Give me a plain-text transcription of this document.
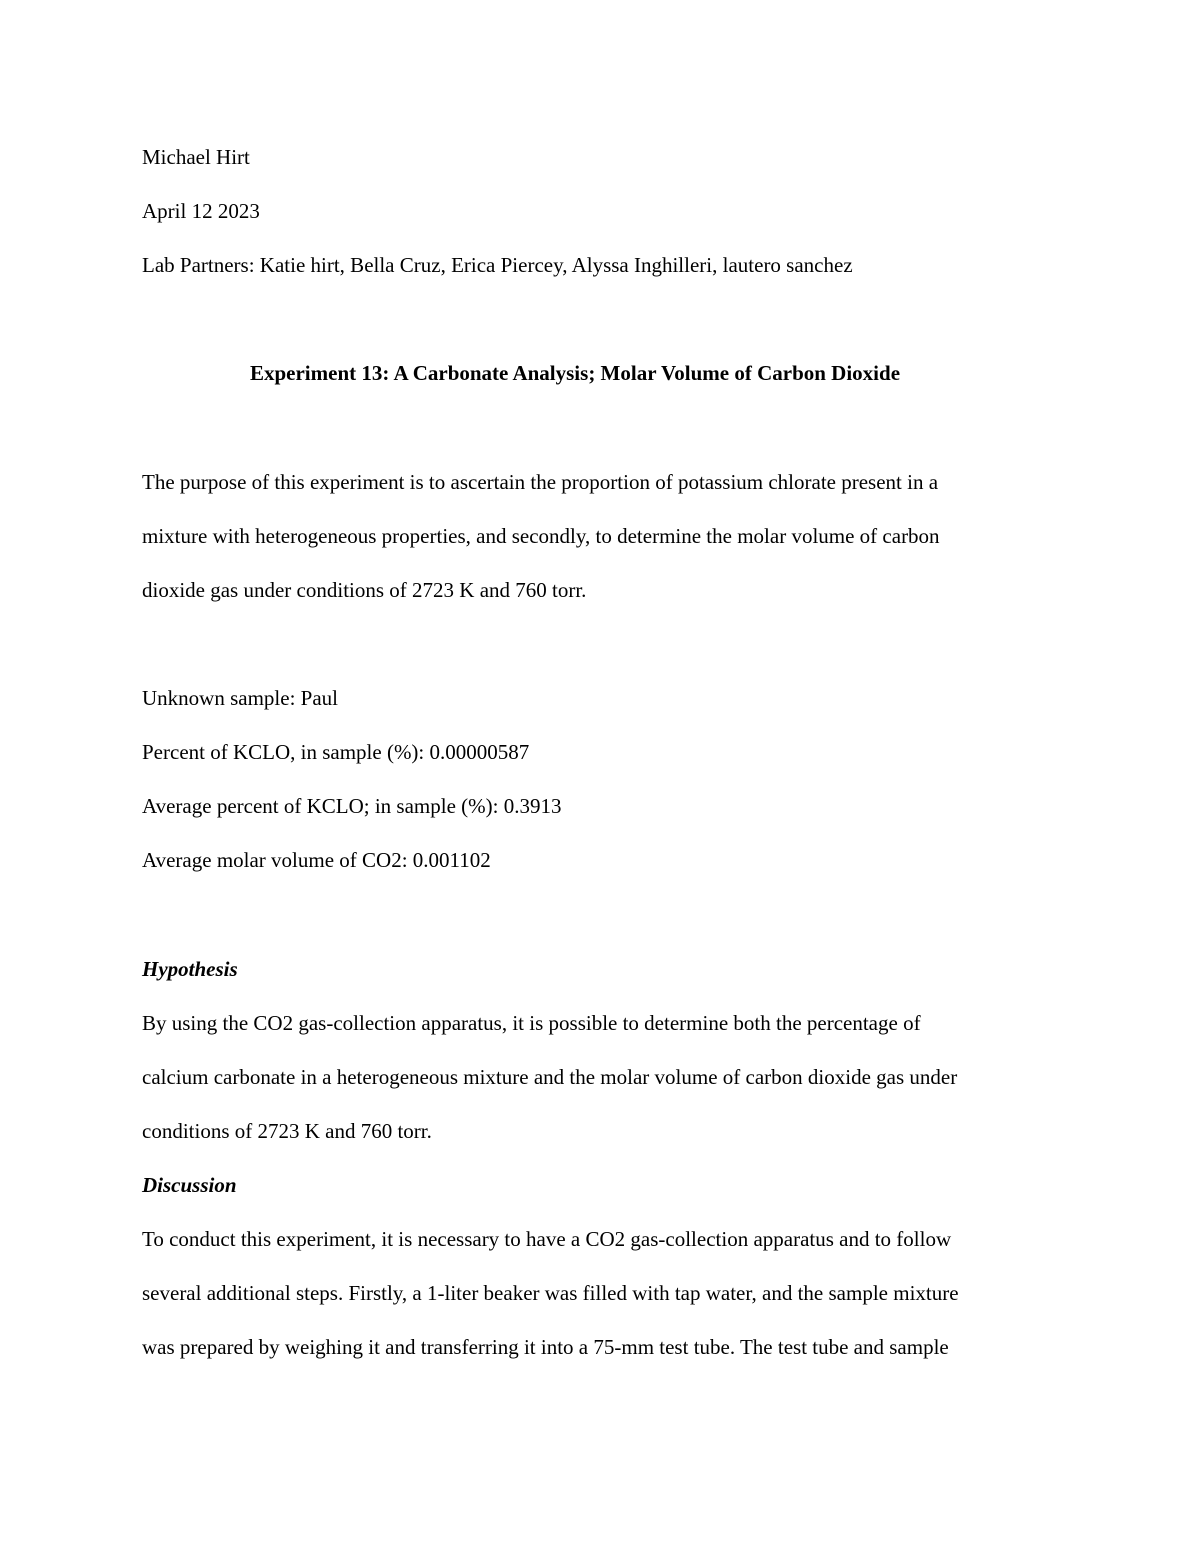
Michael Hirt
April 12 2023
Lab Partners: Katie hirt, Bella Cruz, Erica Piercey, Alyssa Inghilleri, lautero sanchez
Experiment 13: A Carbonate Analysis; Molar Volume of Carbon Dioxide
The purpose of this experiment is to ascertain the proportion of potassium chlorate present in a
mixture with heterogeneous properties, and secondly, to determine the molar volume of carbon
dioxide gas under conditions of 2723 K and 760 torr.
Unknown sample: Paul
Percent of KCLO, in sample (%): 0.00000587
Average percent of KCLO; in sample (%): 0.3913
Average molar volume of CO2: 0.001102
Hypothesis
By using the CO2 gas-collection apparatus, it is possible to determine both the percentage of
calcium carbonate in a heterogeneous mixture and the molar volume of carbon dioxide gas under
conditions of 2723 K and 760 torr.
Discussion
To conduct this experiment, it is necessary to have a CO2 gas-collection apparatus and to follow
several additional steps. Firstly, a 1-liter beaker was filled with tap water, and the sample mixture
was prepared by weighing it and transferring it into a 75-mm test tube. The test tube and sample
